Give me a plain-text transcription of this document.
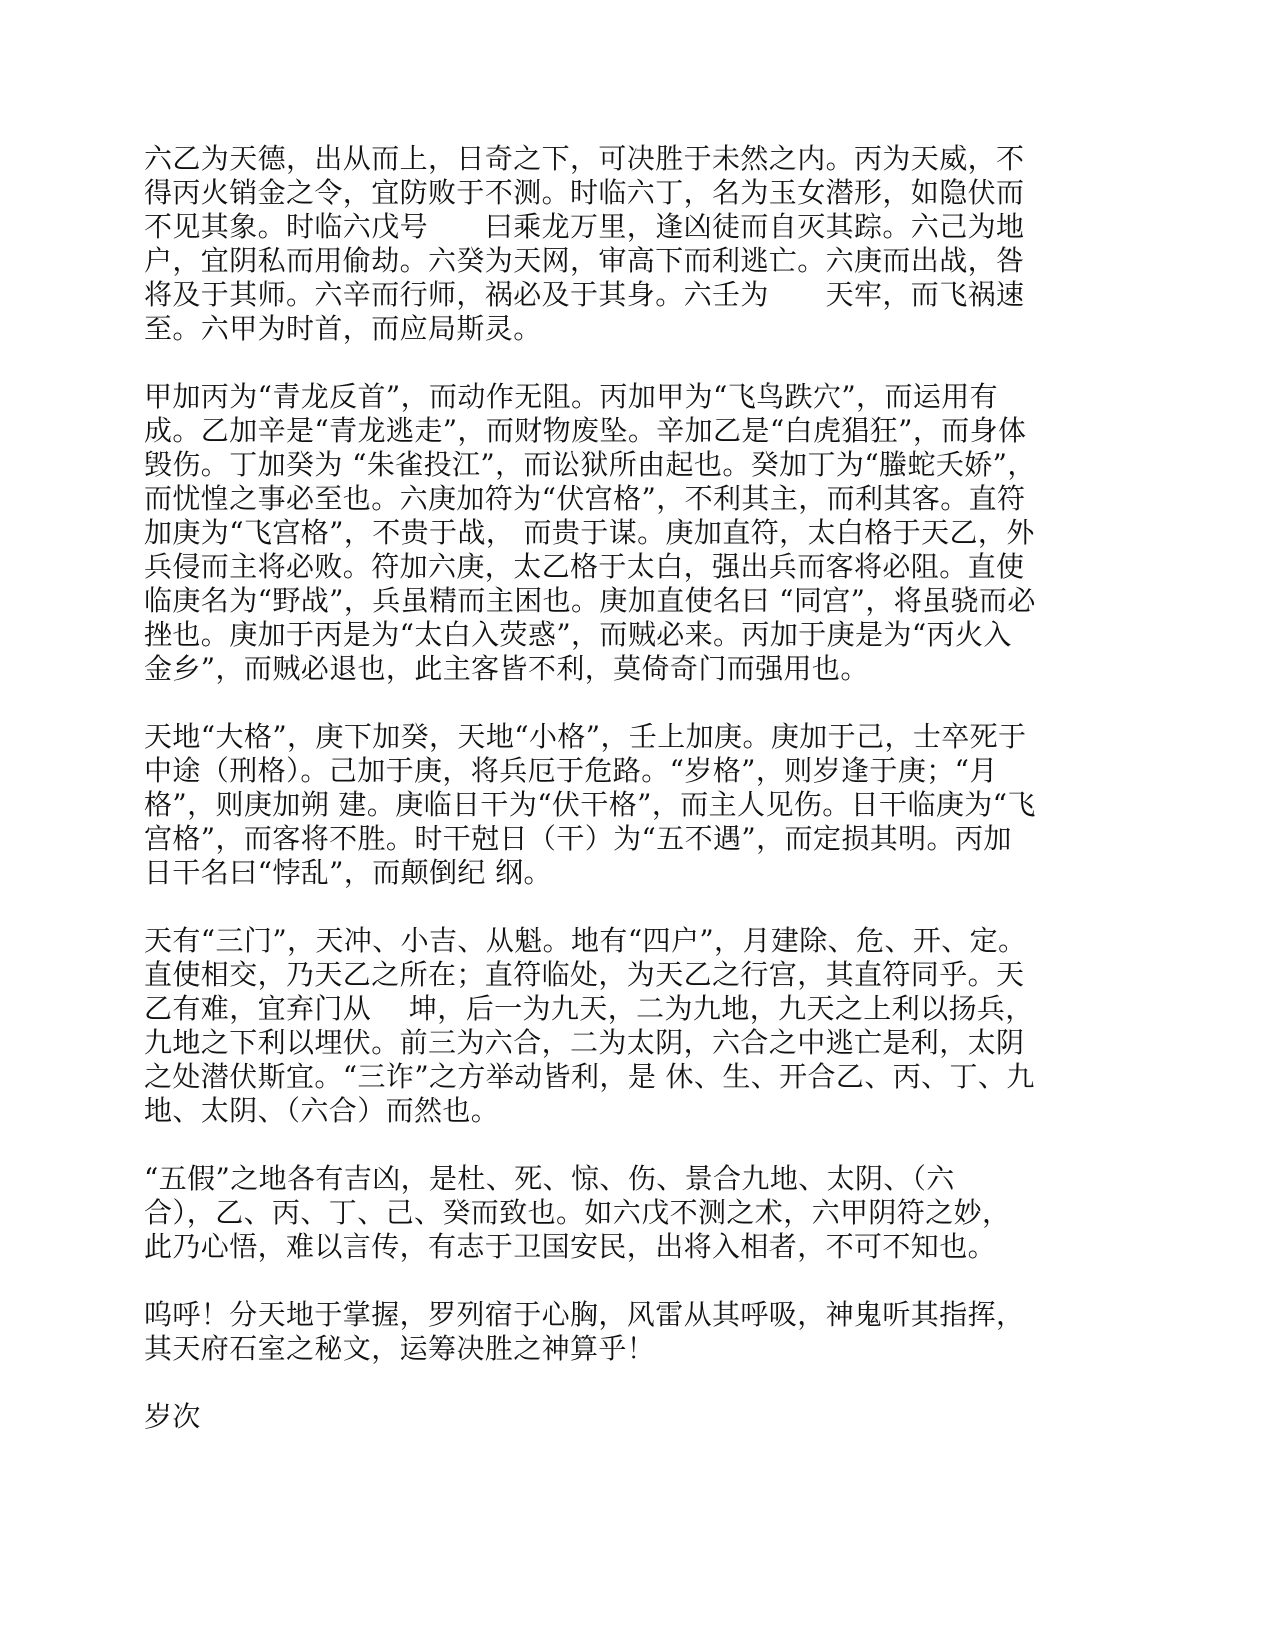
六乙为天德，出从而上，日奇之下，可决胜于未然之内。丙为天威，不
得丙火销金之令，宜防败于不测。时临六丁，名为玉女潜形，如隐伏而
不见其象。时临六戊号　　曰乘龙万里，逢凶徒而自灭其踪。六己为地
户，宜阴私而用偷劫。六癸为天网，审高下而利逃亡。六庚而出战，咎
将及于其师。六辛而行师，祸必及于其身。六壬为　　天牢，而飞祸速
至。六甲为时首，而应局斯灵。
甲加丙为“青龙反首”，而动作无阻。丙加甲为“飞鸟跌穴”，而运用有
成。乙加辛是“青龙逃走”，而财物废坠。辛加乙是“白虎猖狂”，而身体
毁伤。丁加癸为 “朱雀投江”，而讼狱所由起也。癸加丁为“螣蛇夭娇”，
而忧惶之事必至也。六庚加符为“伏宫格”，不利其主，而利其客。直符
加庚为“飞宫格”，不贵于战， 而贵于谋。庚加直符，太白格于天乙，外
兵侵而主将必败。符加六庚，太乙格于太白，强出兵而客将必阻。直使
临庚名为“野战”，兵虽精而主困也。庚加直使名曰 “同宫”，将虽骁而必
挫也。庚加于丙是为“太白入荧惑”，而贼必来。丙加于庚是为“丙火入
金乡”，而贼必退也，此主客皆不利，莫倚奇门而强用也。
天地“大格”，庚下加癸，天地“小格”，壬上加庚。庚加于己，士卒死于
中途（刑格）。己加于庚，将兵厄于危路。“岁格”，则岁逢于庚；“月
格”，则庚加朔 建。庚临日干为“伏干格”，而主人见伤。日干临庚为“飞
宫格”，而客将不胜。时干尅日（干）为“五不遇”，而定损其明。丙加
日干名曰“悖乱”，而颠倒纪 纲。
天有“三门”，天冲、小吉、从魁。地有“四户”，月建除、危、开、定。
直使相交，乃天乙之所在；直符临处，为天乙之行宫，其直符同乎。天
乙有难，宜弃门从　 坤，后一为九天，二为九地，九天之上利以扬兵，
九地之下利以埋伏。前三为六合，二为太阴，六合之中逃亡是利，太阴
之处潜伏斯宜。“三诈”之方举动皆利，是 休、生、开合乙、丙、丁、九
地、太阴、（六合）而然也。
“五假”之地各有吉凶，是杜、死、惊、伤、景合九地、太阴、（六
合），乙、丙、丁、己、癸而致也。如六戊不测之术，六甲阴符之妙，
此乃心悟，难以言传，有志于卫国安民，出将入相者，不可不知也。
呜呼！分天地于掌握，罗列宿于心胸，风雷从其呼吸，神鬼听其指挥，
其天府石室之秘文，运筹决胜之神算乎！
岁次
